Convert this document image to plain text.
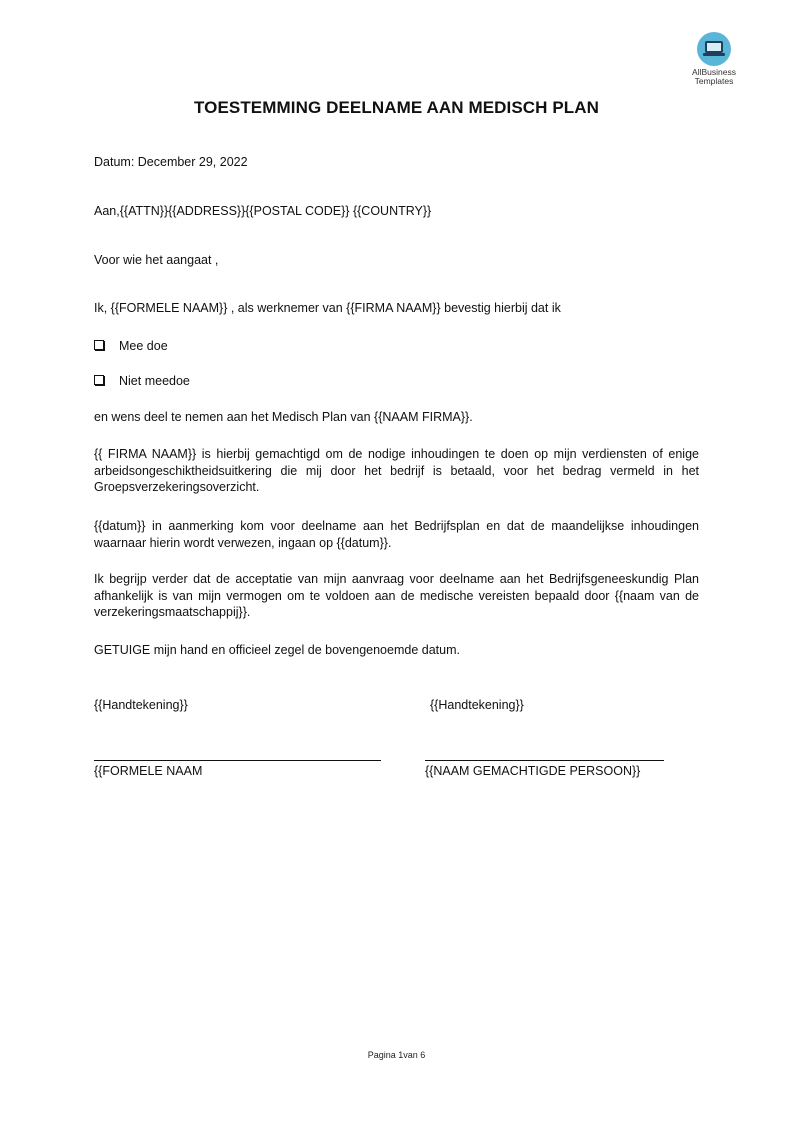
AllBusiness
Templates
TOESTEMMING DEELNAME AAN MEDISCH PLAN
Datum: December 29, 2022
Aan,{{ATTN}}{{ADDRESS}}{{POSTAL CODE}} {{COUNTRY}}
Voor wie het aangaat ,
Ik, {{FORMELE NAAM}} , als werknemer van {{FIRMA NAAM}} bevestig hierbij dat ik
Mee doe
Niet meedoe
en wens deel te nemen aan het Medisch Plan van {{NAAM FIRMA}}.
{{ FIRMA NAAM}} is hierbij gemachtigd om de nodige inhoudingen te doen op mijn verdiensten of enige arbeidsongeschiktheidsuitkering die mij door het bedrijf is betaald, voor het bedrag vermeld in het Groepsverzekeringsoverzicht.
{{datum}} in aanmerking kom voor deelname aan het Bedrijfsplan en dat de maandelijkse inhoudingen waarnaar hierin wordt verwezen, ingaan op {{datum}}.
Ik begrijp verder dat de acceptatie van mijn aanvraag voor deelname aan het Bedrijfsgeneeskundig Plan afhankelijk is van mijn vermogen om te voldoen aan de medische vereisten bepaald door {{naam van de verzekeringsmaatschappij}}.
GETUIGE mijn hand en officieel zegel de bovengenoemde datum.
{{Handtekening}}	{{Handtekening}}
{{FORMELE NAAM	{{NAAM GEMACHTIGDE PERSOON}}
Pagina 1van 6
